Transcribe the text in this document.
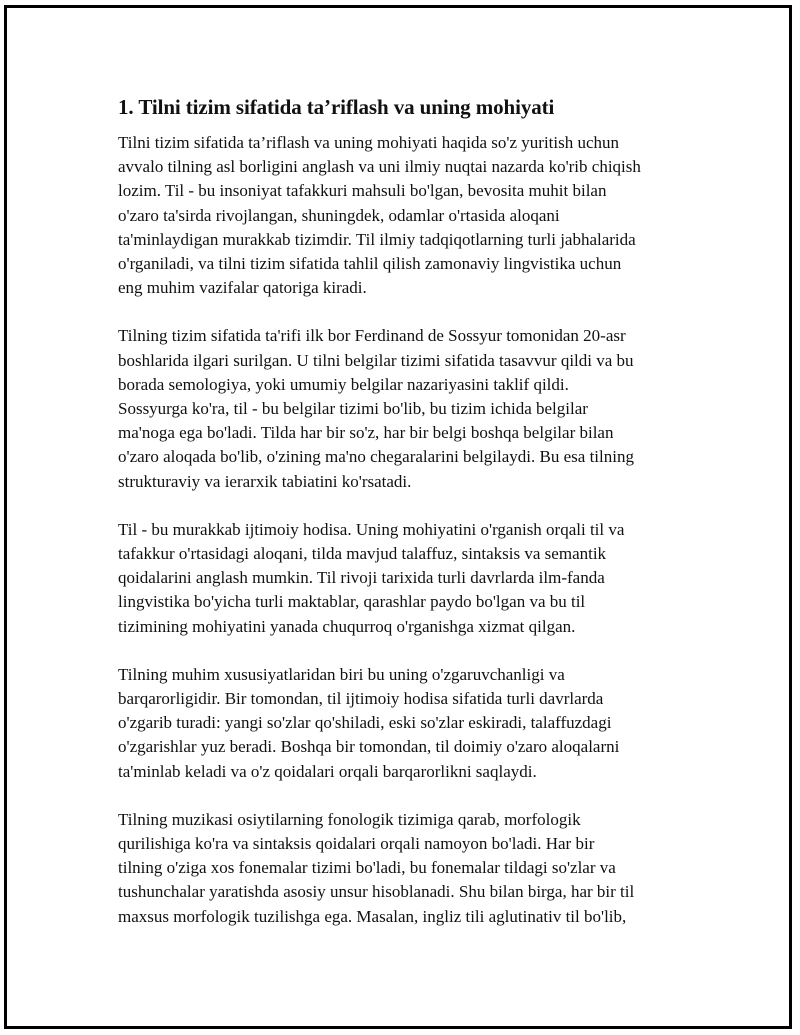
1. Tilni tizim sifatida ta’riflash va uning mohiyati
Tilni tizim sifatida ta’riflash va uning mohiyati haqida so'z yuritish uchun
avvalo tilning asl borligini anglash va uni ilmiy nuqtai nazarda ko'rib chiqish
lozim. Til - bu insoniyat tafakkuri mahsuli bo'lgan, bevosita muhit bilan
o'zaro ta'sirda rivojlangan, shuningdek, odamlar o'rtasida aloqani
ta'minlaydigan murakkab tizimdir. Til ilmiy tadqiqotlarning turli jabhalarida
o'rganiladi, va tilni tizim sifatida tahlil qilish zamonaviy lingvistika uchun
eng muhim vazifalar qatoriga kiradi.
Tilning tizim sifatida ta'rifi ilk bor Ferdinand de Sossyur tomonidan 20-asr
boshlarida ilgari surilgan. U tilni belgilar tizimi sifatida tasavvur qildi va bu
borada semologiya, yoki umumiy belgilar nazariyasini taklif qildi.
Sossyurga ko'ra, til - bu belgilar tizimi bo'lib, bu tizim ichida belgilar
ma'noga ega bo'ladi. Tilda har bir so'z, har bir belgi boshqa belgilar bilan
o'zaro aloqada bo'lib, o'zining ma'no chegaralarini belgilaydi. Bu esa tilning
strukturaviy va ierarxik tabiatini ko'rsatadi.
Til - bu murakkab ijtimoiy hodisa. Uning mohiyatini o'rganish orqali til va
tafakkur o'rtasidagi aloqani, tilda mavjud talaffuz, sintaksis va semantik
qoidalarini anglash mumkin. Til rivoji tarixida turli davrlarda ilm-fanda
lingvistika bo'yicha turli maktablar, qarashlar paydo bo'lgan va bu til
tizimining mohiyatini yanada chuqurroq o'rganishga xizmat qilgan.
Tilning muhim xususiyatlaridan biri bu uning o'zgaruvchanligi va
barqarorligidir. Bir tomondan, til ijtimoiy hodisa sifatida turli davrlarda
o'zgarib turadi: yangi so'zlar qo'shiladi, eski so'zlar eskiradi, talaffuzdagi
o'zgarishlar yuz beradi. Boshqa bir tomondan, til doimiy o'zaro aloqalarni
ta'minlab keladi va o'z qoidalari orqali barqarorlikni saqlaydi.
Tilning muzikasi osiytilarning fonologik tizimiga qarab, morfologik
qurilishiga ko'ra va sintaksis qoidalari orqali namoyon bo'ladi. Har bir
tilning o'ziga xos fonemalar tizimi bo'ladi, bu fonemalar tildagi so'zlar va
tushunchalar yaratishda asosiy unsur hisoblanadi. Shu bilan birga, har bir til
maxsus morfologik tuzilishga ega. Masalan, ingliz tili aglutinativ til bo'lib,
